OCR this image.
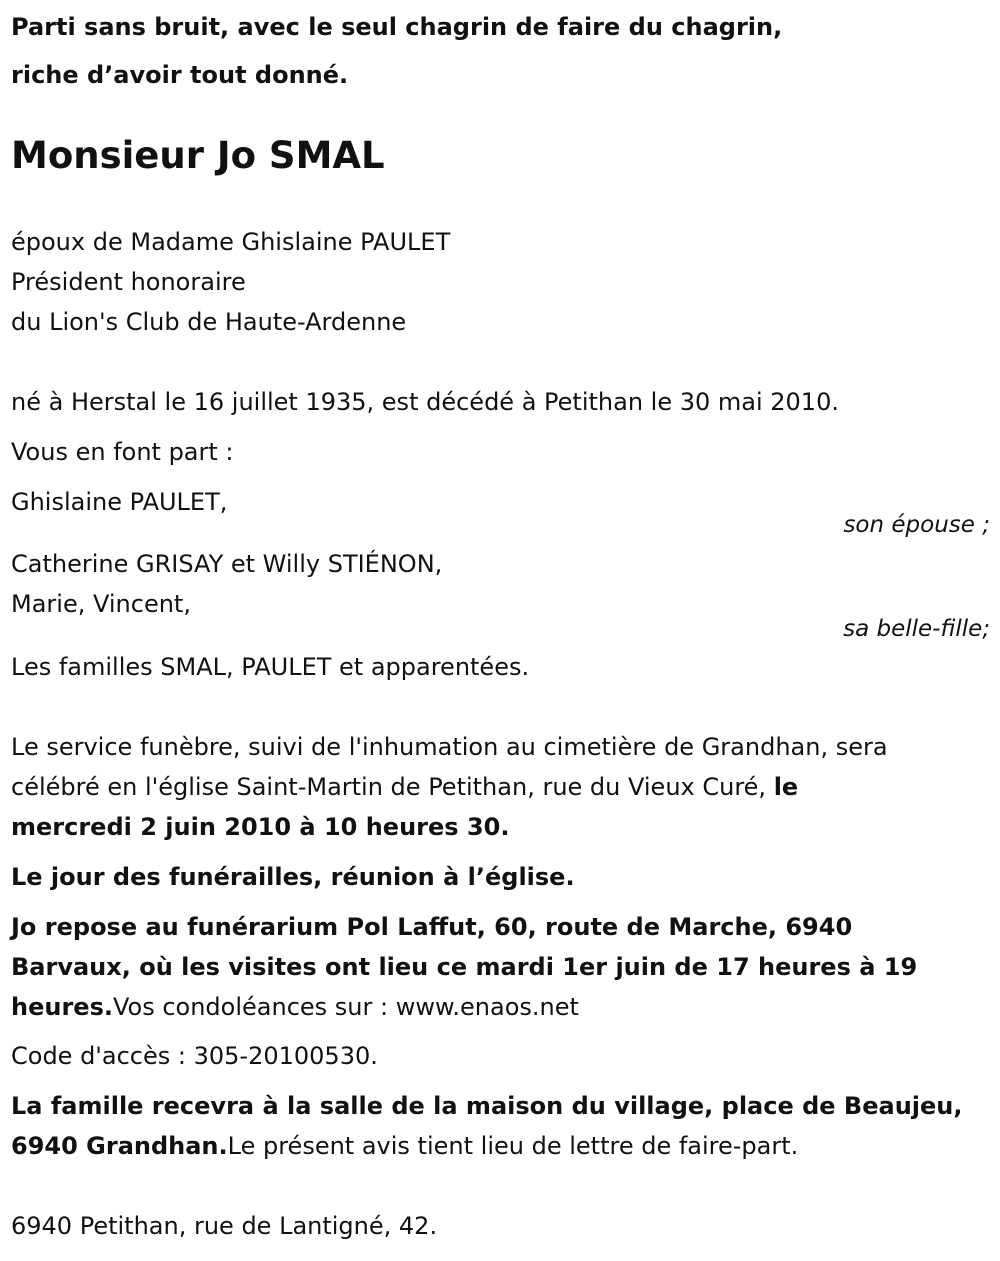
Parti sans bruit, avec le seul chagrin de faire du chagrin,
riche d’avoir tout donné.
Monsieur Jo SMAL
époux de Madame Ghislaine PAULET
Président honoraire
du Lion's Club de Haute-Ardenne
né à Herstal le 16 juillet 1935, est décédé à Petithan le 30 mai 2010.
Vous en font part :
Ghislaine PAULET,
son épouse ;
Catherine GRISAY et Willy STIÉNON,
Marie, Vincent,
sa belle-fille;
Les familles SMAL, PAULET et apparentées.
Le service funèbre, suivi de l'inhumation au cimetière de Grandhan, sera
célébré en l'église Saint-Martin de Petithan, rue du Vieux Curé, le
mercredi 2 juin 2010 à 10 heures 30.
Le jour des funérailles, réunion à l’église.
Jo repose au funérarium Pol Laffut, 60, route de Marche, 6940
Barvaux, où les visites ont lieu ce mardi 1er juin de 17 heures à 19
heures.Vos condoléances sur : www.enaos.net
Code d'accès : 305-20100530.
La famille recevra à la salle de la maison du village, place de Beaujeu,
6940 Grandhan.Le présent avis tient lieu de lettre de faire-part.
6940 Petithan, rue de Lantigné, 42.
